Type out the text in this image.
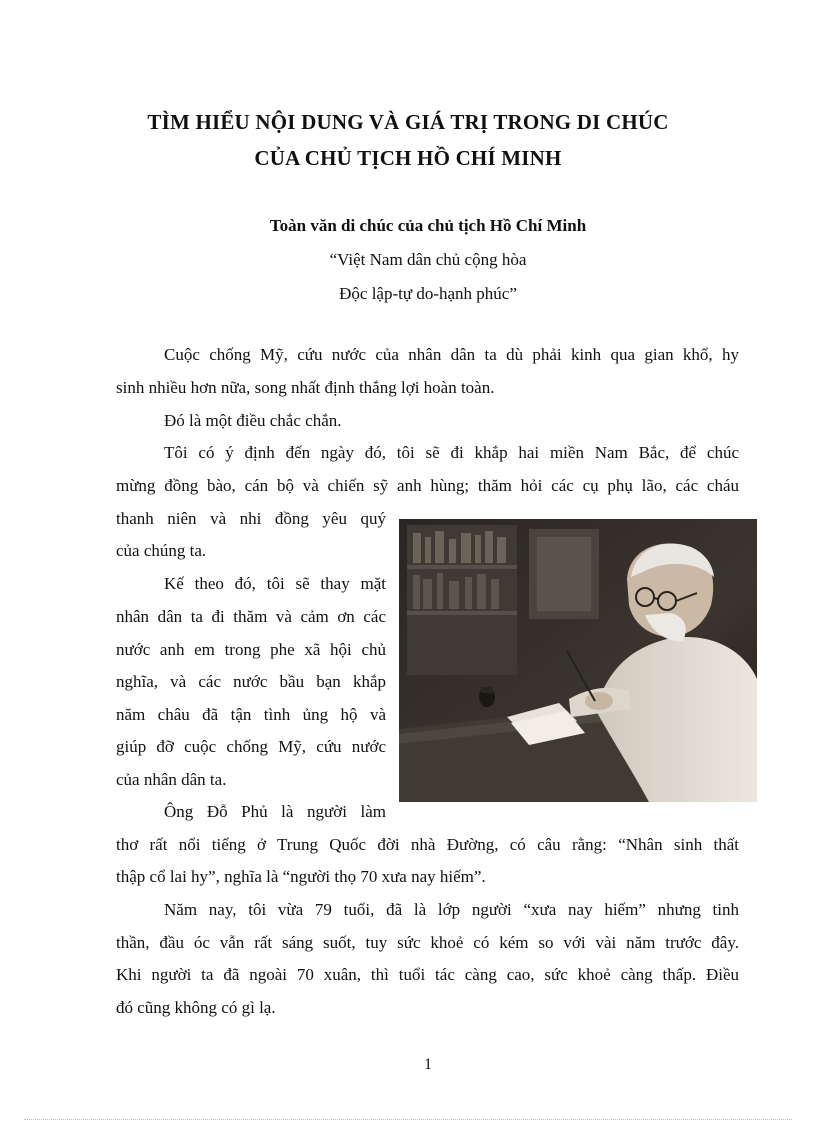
TÌM HIỂU NỘI DUNG VÀ GIÁ TRỊ TRONG DI CHÚC
CỦA CHỦ TỊCH HỒ CHÍ MINH
Toàn văn di chúc của chủ tịch Hồ Chí Minh
“Việt Nam dân chủ cộng hòa
Độc lập-tự do-hạnh phúc”
Cuộc chống Mỹ, cứu nước của nhân dân ta dù phải kinh qua gian khổ, hy
sinh nhiều hơn nữa, song nhất định thắng lợi hoàn toàn.
Đó là một điều chắc chắn.
Tôi có ý định đến ngày đó, tôi sẽ đi khắp hai miền Nam Bắc, để chúc
mừng đồng bào, cán bộ và chiến sỹ anh hùng; thăm hỏi các cụ phụ lão, các cháu
thanh niên và nhi đồng yêu quý
của chúng ta.
Kế theo đó, tôi sẽ thay mặt
nhân dân ta đi thăm và cảm ơn các
nước anh em trong phe xã hội chủ
nghĩa, và các nước bầu bạn khắp
năm châu đã tận tình ủng hộ và
giúp đỡ cuộc chống Mỹ, cứu nước
của nhân dân ta.
Ông Đỗ Phủ là người làm
thơ rất nổi tiếng ở Trung Quốc đời nhà Đường, có câu rằng: “Nhân sinh thất
thập cổ lai hy”, nghĩa là “người thọ 70 xưa nay hiếm”.
Năm nay, tôi vừa 79 tuổi, đã là lớp người “xưa nay hiếm” nhưng tinh
thần, đầu óc vẫn rất sáng suốt, tuy sức khoẻ có kém so với vài năm trước đây.
Khi người ta đã ngoài 70 xuân, thì tuổi tác càng cao, sức khoẻ càng thấp. Điều
đó cũng không có gì lạ.
1
